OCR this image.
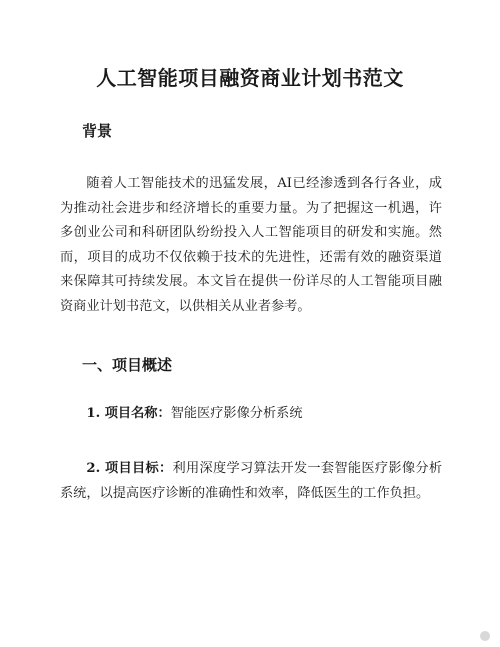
人工智能项目融资商业计划书范文
背景

随着人工智能技术的迅猛发展，AI已经渗透到各行各业，成为推动社会进步和经济增长的重要力量。为了把握这一机遇，许多创业公司和科研团队纷纷投入人工智能项目的研发和实施。然而，项目的成功不仅依赖于技术的先进性，还需有效的融资渠道来保障其可持续发展。本文旨在提供一份详尽的人工智能项目融资商业计划书范文，以供相关从业者参考。

一、项目概述

1. 项目名称：智能医疗影像分析系统

2. 项目目标：利用深度学习算法开发一套智能医疗影像分析系统，以提高医疗诊断的准确性和效率，降低医生的工作负担。
